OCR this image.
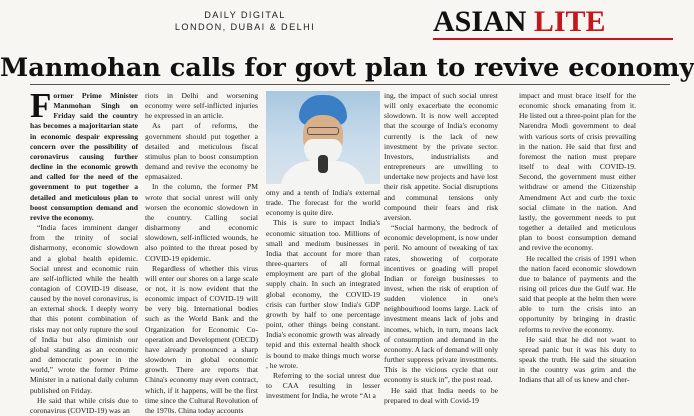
DAILY DIGITAL
LONDON, DUBAI & DELHI	ASIAN LITE
Manmohan calls for govt plan to revive economy

Former Prime Minister Manmohan Singh on Friday said the country has becomes a majoritarian state in economic despair expressing concern over the possibility of coronavirus causing further decline in the economic growth and called for the need of the government to put together a detailed and meticulous plan to boost consumption demand and revive the economy.

“India faces imminent danger from the trinity of social disharmony, economic slowdown and a global health epidemic. Social unrest and economic ruin are self-inflicted while the health contagion of COVID-19 disease, caused by the novel coronavirus, is an external shock. I deeply worry that this potent combination of risks may not only rupture the soul of India but also diminish our global standing as an economic and democratic power in the world,” wrote the former Prime Minister in a national daily column published on Friday.

He said that while crisis due to coronavirus (COVID-19) was an

riots in Delhi and worsening economy were self-inflicted injuries he expressed in an article.

As part of reforms, the government should put together a detailed and meticulous fiscal stimulus plan to boost consumption demand and revive the economy he epmasaized.

In the column, the former PM wrote that social unrest will only worsen the economic slowdown in the country. Calling social disharmony and economic slowdown, self-inflicted wounds, he also pointed to the threat posed by COVID-19 epidemic.

Regardless of whether this virus will enter our shores on a large scale or not, it is now evident that the economic impact of COVID-19 will be very big. International bodies such as the World Bank and the Organization for Economic Co-operation and Development (OECD) have already pronounced a sharp slowdown in global economic growth. There are reports that China's economy may even contract, which, if it happens, will be the first time since the Cultural Revolution of the 1970s. China today accounts

omy and a tenth of India's external trade. The forecast for the world economy is quite dire.

This is sure to impact India's economic situation too. Millions of small and medium businesses in India that account for more than three-quarters of all formal employment are part of the global supply chain. In such an integrated global economy, the COVID-19 crisis can further slow India's GDP growth by half to one percentage point, other things being constant. India's economic growth was already tepid and this external health shock is bound to make things much worse , he wrote.

Referring to the social unrest due to CAA resulting in lesser investment for India, he wrote “At a

ing, the impact of such social unrest will only exacerbate the economic slowdown. It is now well accepted that the scourge of India's economy currently is the lack of new investment by the private sector. Investors, industrialists and entrepreneurs are unwilling to undertake new projects and have lost their risk appetite. Social disruptions and communal tensions only compound their fears and risk aversion.

“Social harmony, the bedrock of economic development, is now under peril. No amount of tweaking of tax rates, showering of corporate incentives or goading will propel Indian or foreign businesses to invest, when the risk of eruption of sudden violence in one's neighbourhood looms large. Lack of investment means lack of jobs and incomes, which, in turn, means lack of consumption and demand in the economy. A lack of demand will only further suppress private investments. This is the vicious cycle that our economy is stuck in”, the post read.

He said that India needs to be prepared to deal with Covid-19

impact and must brace itself for the economic shock emanating from it. He listed out a three-point plan for the Narendra Modi government to deal with various sorts of crisis prevailing in the nation. He said that first and foremost the nation must prepare itself to deal with COVID-19. Second, the government must either withdraw or amend the Citizenship Amendment Act and curb the toxic social climate in the nation. And lastly, the government needs to put together a detailed and meticulous plan to boost consumption demand and revive the economy.

He recalled the crisis of 1991 when the nation faced economic slowdown due to balance of payments and the rising oil prices due the Gulf war. He said that people at the helm then were able to turn the crisis into an opportunity by bringing in drastic reforms to revive the economy.

He said that he did not want to spread panic but it was his duty to speak the truth. He said the situation in the country was grim and the Indians that all of us knew and cher-
